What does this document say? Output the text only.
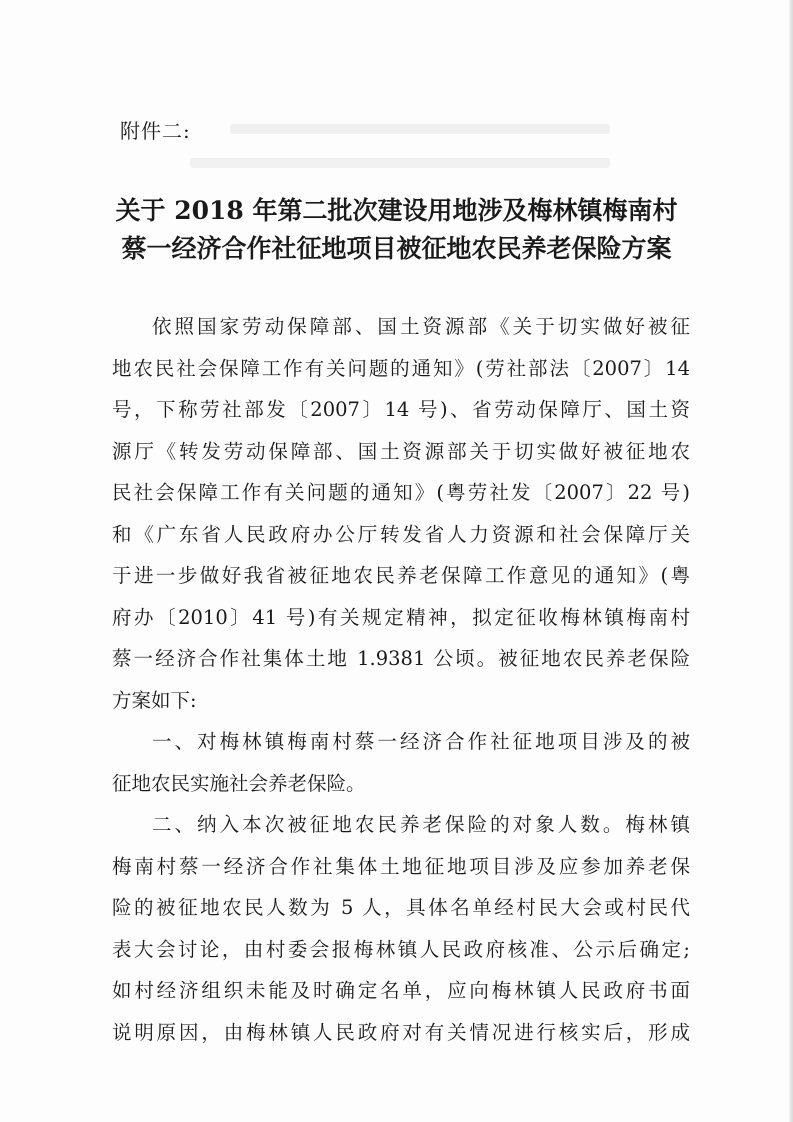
附件二:
关于 2018 年第二批次建设用地涉及梅林镇梅南村
蔡一经济合作社征地项目被征地农民养老保险方案

依照国家劳动保障部、国土资源部《关于切实做好被征
地农民社会保障工作有关问题的通知》(劳社部法〔2007〕14
号，下称劳社部发〔2007〕14 号)、省劳动保障厅、国土资
源厅《转发劳动保障部、国土资源部关于切实做好被征地农
民社会保障工作有关问题的通知》(粤劳社发〔2007〕22 号)
和《广东省人民政府办公厅转发省人力资源和社会保障厅关
于进一步做好我省被征地农民养老保障工作意见的通知》(粤
府办〔2010〕41 号)有关规定精神，拟定征收梅林镇梅南村
蔡一经济合作社集体土地 1.9381 公顷。被征地农民养老保险
方案如下:

一、对梅林镇梅南村蔡一经济合作社征地项目涉及的被
征地农民实施社会养老保险。

二、纳入本次被征地农民养老保险的对象人数。梅林镇
梅南村蔡一经济合作社集体土地征地项目涉及应参加养老保
险的被征地农民人数为 5 人，具体名单经村民大会或村民代
表大会讨论，由村委会报梅林镇人民政府核准、公示后确定;
如村经济组织未能及时确定名单，应向梅林镇人民政府书面
说明原因，由梅林镇人民政府对有关情况进行核实后，形成
